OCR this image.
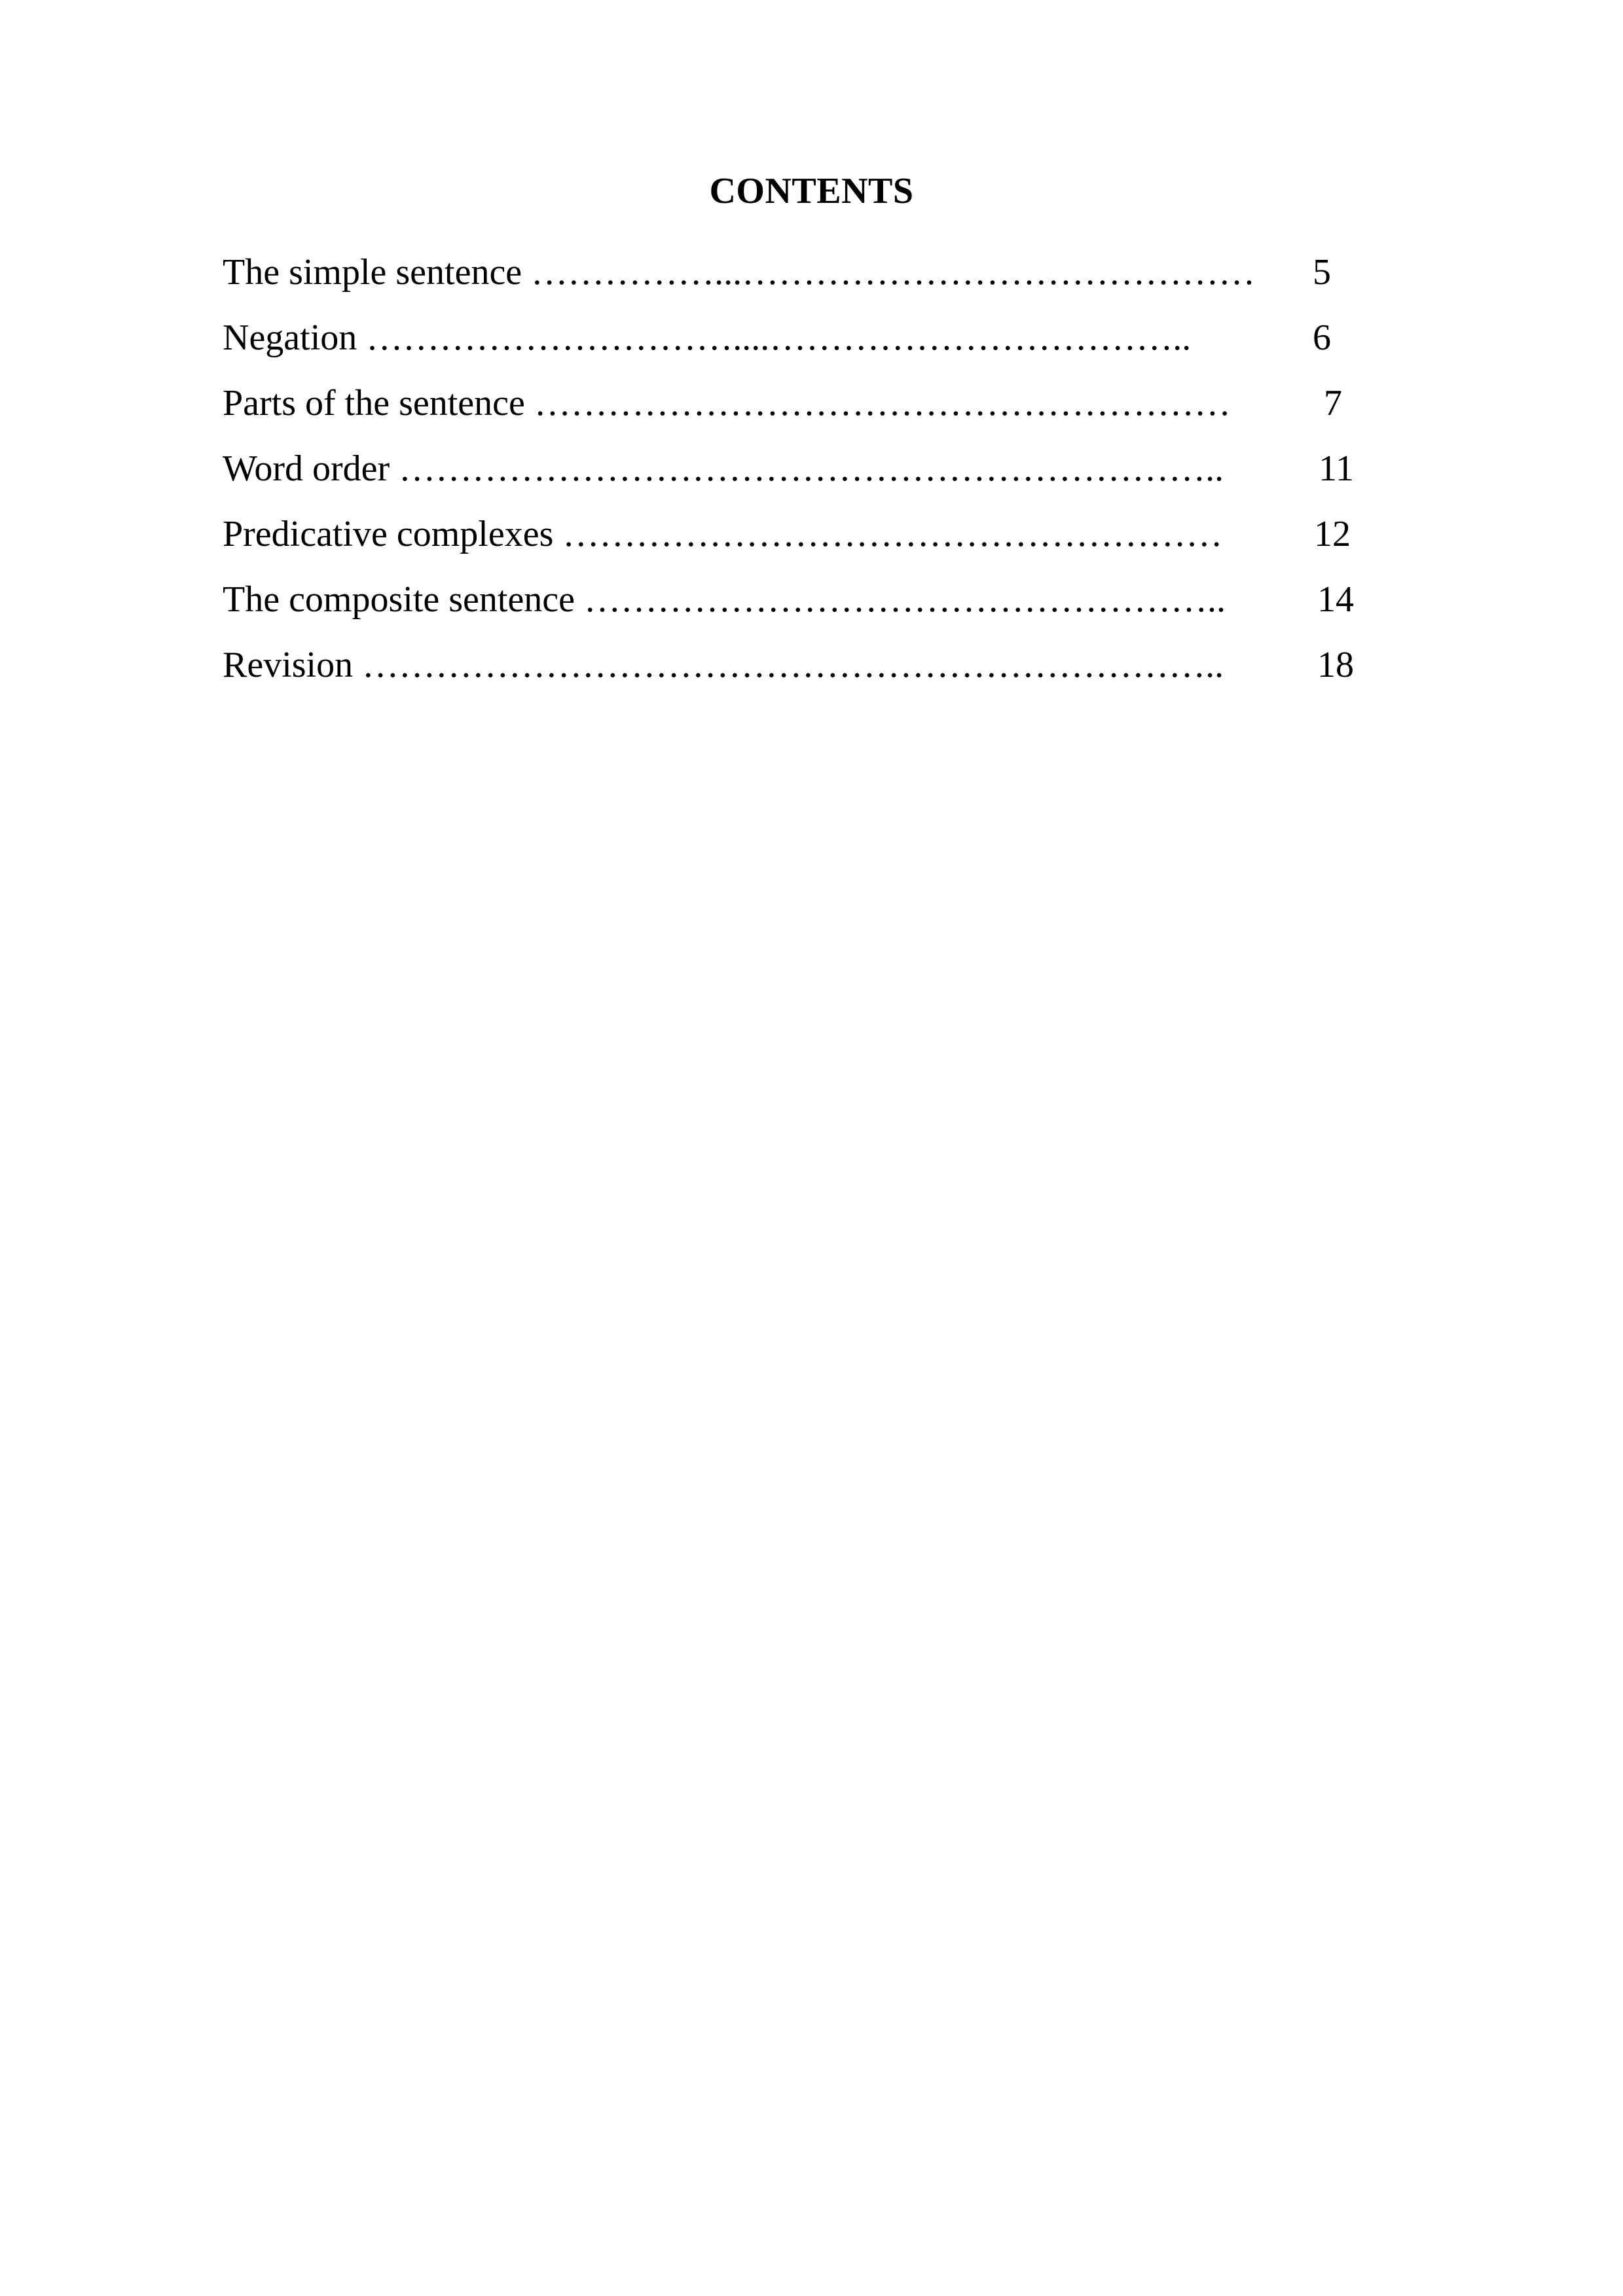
CONTENTS
The simple sentence ……………...…………………………………… 5
Negation …………………………....……………………………..	6
Parts of the sentence …………………………………………………	7
Word order …………………………………………………………..	11
Predicative complexes ……………………………………………… 12
The composite sentence …………………………………………….. 14
Revision ……………………………………………………………..	18
